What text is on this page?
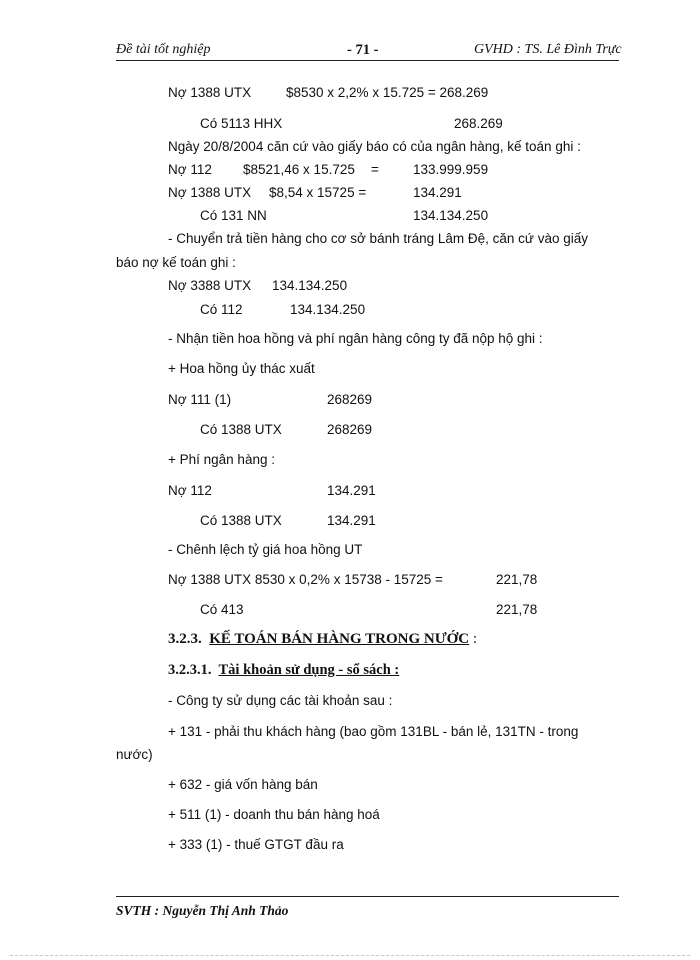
Đề tài tốt nghiệp	- 71 -	GVHD : TS. Lê Đình Trực
Nợ 1388 UTX	$8530 x 2,2% x 15.725 = 268.269
Có 5113 HHX	268.269
Ngày 20/8/2004 căn cứ vào giấy báo có của ngân hàng, kế toán ghi :
Nợ 112 $8521,46 x 15.725 =	133.999.959
Nợ 1388 UTX $8,54 x 15725 =	134.291
Có 131 NN	134.134.250
- Chuyển trả tiền hàng cho cơ sở bánh tráng Lâm Đệ, căn cứ vào giấy
báo nợ kế toán ghi :
Nợ 3388 UTX 134.134.250
Có 112	134.134.250
- Nhận tiền hoa hồng và phí ngân hàng công ty đã nộp hộ ghi :
+ Hoa hồng ủy thác xuất
Nợ 111 (1)	268269
Có 1388 UTX	268269
+ Phí ngân hàng :
Nợ 112	134.291
Có 1388 UTX	134.291
- Chênh lệch tỷ giá hoa hồng UT
Nợ 1388 UTX 8530 x 0,2% x 15738 - 15725 =	221,78
Có 413	221,78
3.2.3. KẾ TOÁN BÁN HÀNG TRONG NƯỚC :
3.2.3.1. Tài khoản sử dụng - sổ sách :
- Công ty sử dụng các tài khoản sau :
+ 131 - phải thu khách hàng (bao gồm 131BL - bán lẻ, 131TN - trong
nước)
+ 632 - giá vốn hàng bán
+ 511 (1) - doanh thu bán hàng hoá
+ 333 (1) - thuế GTGT đầu ra
SVTH : Nguyễn Thị Anh Thảo
